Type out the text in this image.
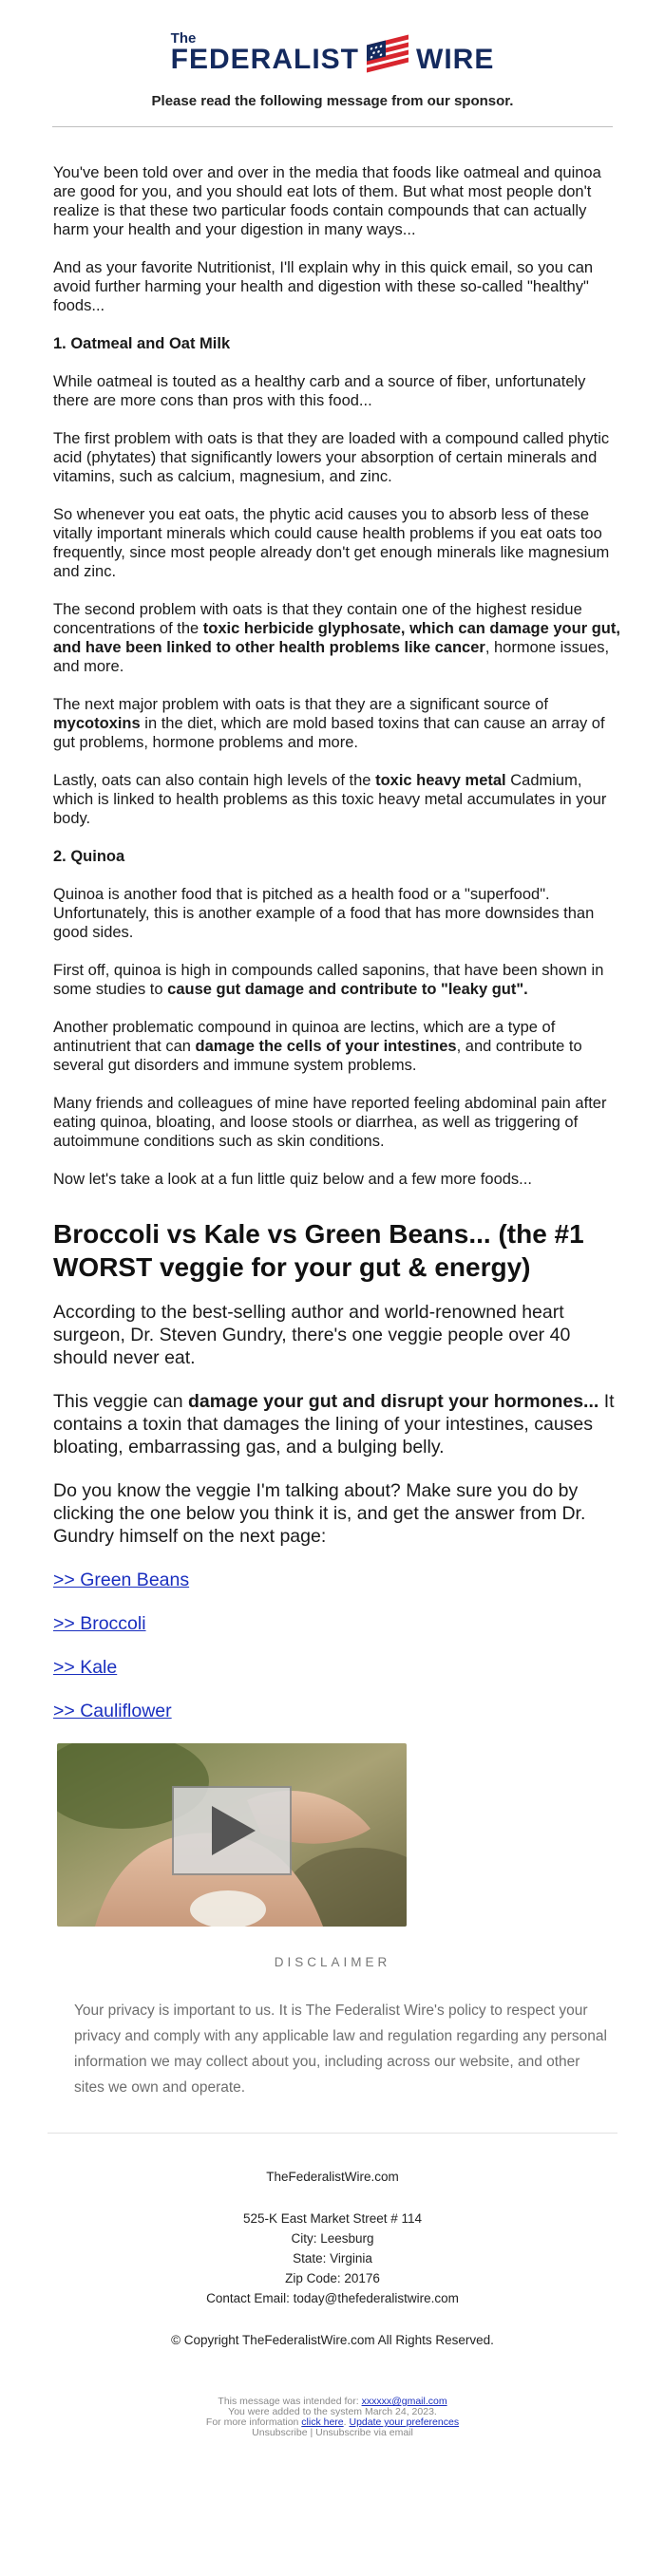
The
FEDERALIST WIRE
Please read the following message from our sponsor.

You've been told over and over in the media that foods like oatmeal and quinoa are good for you, and you should eat lots of them. But what most people don't realize is that these two particular foods contain compounds that can actually harm your health and your digestion in many ways...

And as your favorite Nutritionist, I'll explain why in this quick email, so you can avoid further harming your health and digestion with these so-called "healthy" foods...

1. Oatmeal and Oat Milk

While oatmeal is touted as a healthy carb and a source of fiber, unfortunately there are more cons than pros with this food...

The first problem with oats is that they are loaded with a compound called phytic acid (phytates) that significantly lowers your absorption of certain minerals and vitamins, such as calcium, magnesium, and zinc.

So whenever you eat oats, the phytic acid causes you to absorb less of these vitally important minerals which could cause health problems if you eat oats too frequently, since most people already don't get enough minerals like magnesium and zinc.

The second problem with oats is that they contain one of the highest residue concentrations of the toxic herbicide glyphosate, which can damage your gut, and have been linked to other health problems like cancer, hormone issues, and more.

The next major problem with oats is that they are a significant source of mycotoxins in the diet, which are mold based toxins that can cause an array of gut problems, hormone problems and more.

Lastly, oats can also contain high levels of the toxic heavy metal Cadmium, which is linked to health problems as this toxic heavy metal accumulates in your body.

2. Quinoa

Quinoa is another food that is pitched as a health food or a "superfood". Unfortunately, this is another example of a food that has more downsides than good sides.

First off, quinoa is high in compounds called saponins, that have been shown in some studies to cause gut damage and contribute to "leaky gut".

Another problematic compound in quinoa are lectins, which are a type of antinutrient that can damage the cells of your intestines, and contribute to several gut disorders and immune system problems.

Many friends and colleagues of mine have reported feeling abdominal pain after eating quinoa, bloating, and loose stools or diarrhea, as well as triggering of autoimmune conditions such as skin conditions.

Now let's take a look at a fun little quiz below and a few more foods...

Broccoli vs Kale vs Green Beans... (the #1 WORST veggie for your gut & energy)

According to the best-selling author and world-renowned heart surgeon, Dr. Steven Gundry, there's one veggie people over 40 should never eat.

This veggie can damage your gut and disrupt your hormones... It contains a toxin that damages the lining of your intestines, causes bloating, embarrassing gas, and a bulging belly.

Do you know the veggie I'm talking about? Make sure you do by clicking the one below you think it is, and get the answer from Dr. Gundry himself on the next page:

>> Green Beans
>> Broccoli
>> Kale
>> Cauliflower
DISCLAIMER
Your privacy is important to us. It is The Federalist Wire's policy to respect your privacy and comply with any applicable law and regulation regarding any personal information we may collect about you, including across our website, and other sites we own and operate.
TheFederalistWire.com
525-K East Market Street # 114
City: Leesburg
State: Virginia
Zip Code: 20176
Contact Email: today@thefederalistwire.com
© Copyright TheFederalistWire.com All Rights Reserved.
This message was intended for: xxxxxx@gmail.com
You were added to the system March 24, 2023.
For more information click here. Update your preferences
Unsubscribe | Unsubscribe via email
